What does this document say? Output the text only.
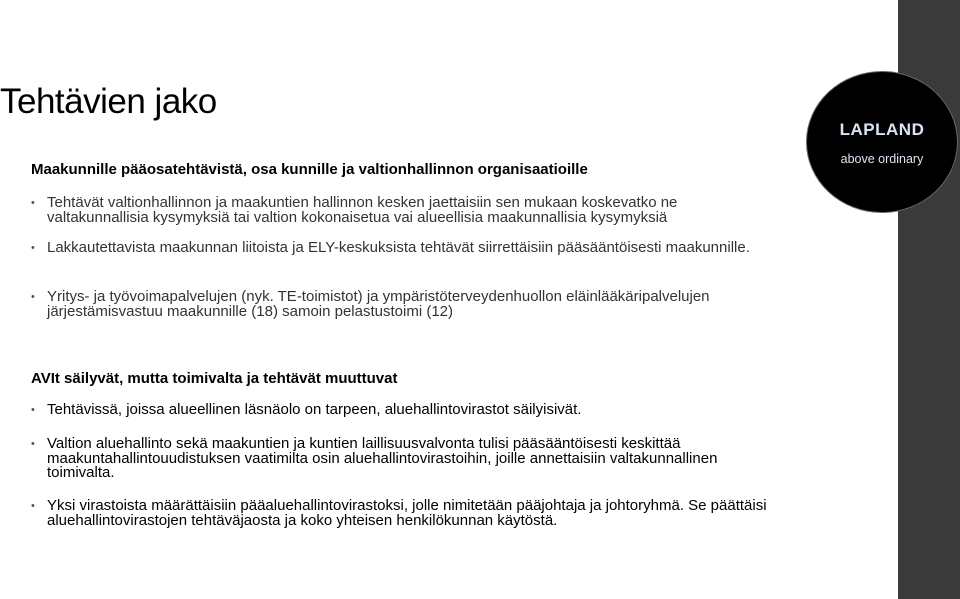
LAPLAND
above ordinary
Tehtävien jako
Maakunnille pääosatehtävistä, osa kunnille ja valtionhallinnon organisaatioille
• Tehtävät valtionhallinnon ja maakuntien hallinnon kesken jaettaisiin sen mukaan koskevatko ne valtakunnallisia kysymyksiä tai valtion kokonaisetua vai alueellisia maakunnallisia kysymyksiä
• Lakkautettavista maakunnan liitoista ja ELY-keskuksista tehtävät siirrettäisiin pääsääntöisesti maakunnille.
• Yritys- ja työvoimapalvelujen (nyk. TE-toimistot) ja ympäristöterveydenhuollon eläinlääkäripalvelujen järjestämisvastuu maakunnille (18) samoin pelastustoimi (12)
AVIt säilyvät, mutta toimivalta ja tehtävät muuttuvat
• Tehtävissä, joissa alueellinen läsnäolo on tarpeen, aluehallintovirastot säilyisivät.
• Valtion aluehallinto sekä maakuntien ja kuntien laillisuusvalvonta tulisi pääsääntöisesti keskittää maakuntahallintouudistuksen vaatimilta osin aluehallintovirastoihin, joille annettaisiin valtakunnallinen toimivalta.
• Yksi virastoista määrättäisiin pääaluehallintovirastoksi, jolle nimitetään pääjohtaja ja johtoryhmä. Se päättäisi aluehallintovirastojen tehtäväjaosta ja koko yhteisen henkilökunnan käytöstä.
